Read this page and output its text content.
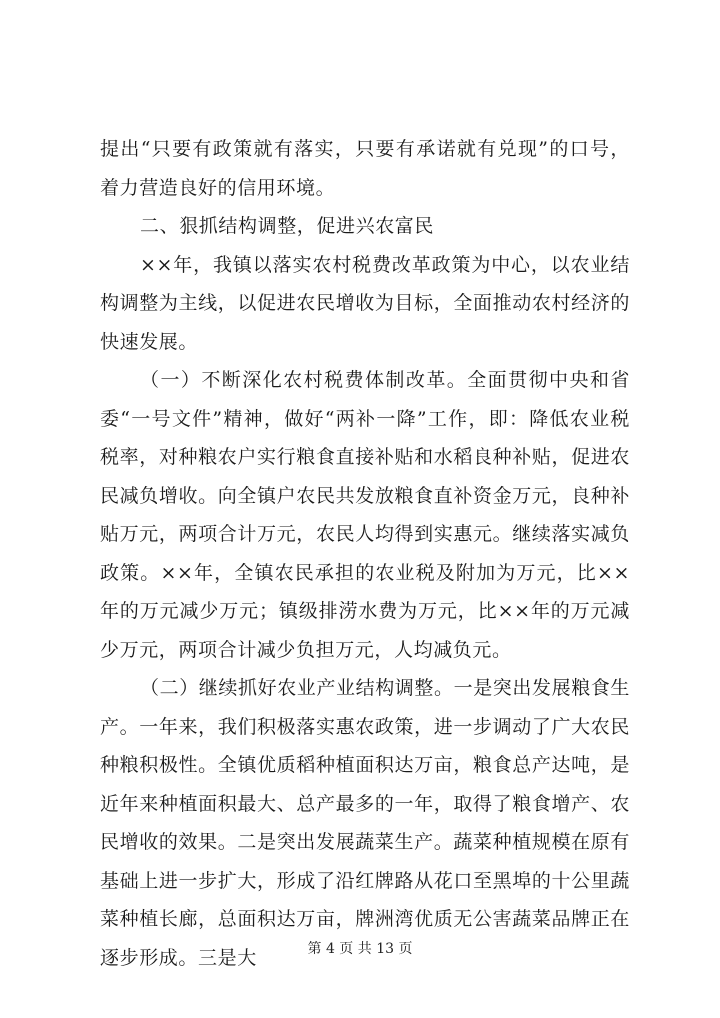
提出“只要有政策就有落实，只要有承诺就有兑现”的口号，着力营造良好的信用环境。

二、狠抓结构调整，促进兴农富民

××年，我镇以落实农村税费改革政策为中心，以农业结构调整为主线，以促进农民增收为目标，全面推动农村经济的快速发展。

（一）不断深化农村税费体制改革。全面贯彻中央和省委“一号文件”精神，做好“两补一降”工作，即：降低农业税税率，对种粮农户实行粮食直接补贴和水稻良种补贴，促进农民减负增收。向全镇户农民共发放粮食直补资金万元，良种补贴万元，两项合计万元，农民人均得到实惠元。继续落实减负政策。××年，全镇农民承担的农业税及附加为万元，比××年的万元减少万元；镇级排涝水费为万元，比××年的万元减少万元，两项合计减少负担万元，人均减负元。

（二）继续抓好农业产业结构调整。一是突出发展粮食生产。一年来，我们积极落实惠农政策，进一步调动了广大农民种粮积极性。全镇优质稻种植面积达万亩，粮食总产达吨，是近年来种植面积最大、总产最多的一年，取得了粮食增产、农民增收的效果。二是突出发展蔬菜生产。蔬菜种植规模在原有基础上进一步扩大，形成了沿红牌路从花口至黑埠的十公里蔬菜种植长廊，总面积达万亩，牌洲湾优质无公害蔬菜品牌正在逐步形成。三是大	第 4 页 共 13 页
